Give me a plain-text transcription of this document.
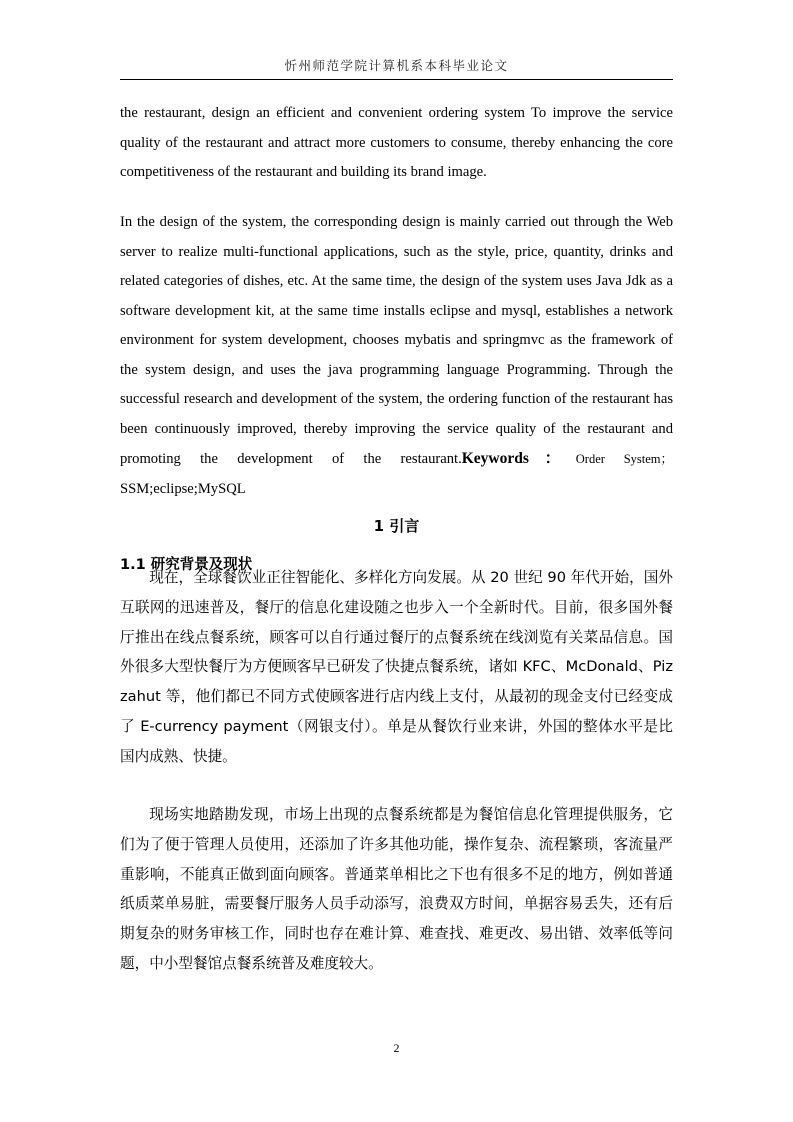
忻州师范学院计算机系本科毕业论文

the restaurant, design an efficient and convenient ordering system To improve the service quality of the restaurant and attract more customers to consume, thereby enhancing the core competitiveness of the restaurant and building its brand image.

In the design of the system, the corresponding design is mainly carried out through the Web server to realize multi-functional applications, such as the style, price, quantity, drinks and related categories of dishes, etc. At the same time, the design of the system uses Java Jdk as a software development kit, at the same time installs eclipse and mysql, establishes a network environment for system development, chooses mybatis and springmvc as the framework of the system design, and uses the java programming language Programming. Through the successful research and development of the system, the ordering function of the restaurant has been continuously improved, thereby improving the service quality of the restaurant and promoting the development of the restaurant.Keywords：Order System；SSM;eclipse;MySQL

1 引言
1.1 研究背景及现状

现在，全球餐饮业正往智能化、多样化方向发展。从 20 世纪 90 年代开始，国外互联网的迅速普及，餐厅的信息化建设随之也步入一个全新时代。目前，很多国外餐厅推出在线点餐系统，顾客可以自行通过餐厅的点餐系统在线浏览有关菜品信息。国外很多大型快餐厅为方便顾客早已研发了快捷点餐系统，诸如 KFC、McDonald、Pizzahut 等，他们都已不同方式使顾客进行店内线上支付，从最初的现金支付已经变成了 E-currency payment（网银支付）。单是从餐饮行业来讲，外国的整体水平是比国内成熟、快捷。

现场实地踏勘发现，市场上出现的点餐系统都是为餐馆信息化管理提供服务，它们为了便于管理人员使用，还添加了许多其他功能，操作复杂、流程繁琐，客流量严重影响，不能真正做到面向顾客。普通菜单相比之下也有很多不足的地方，例如普通纸质菜单易脏，需要餐厅服务人员手动添写，浪费双方时间，单据容易丢失，还有后期复杂的财务审核工作，同时也存在难计算、难查找、难更改、易出错、效率低等问题，中小型餐馆点餐系统普及难度较大。

2
